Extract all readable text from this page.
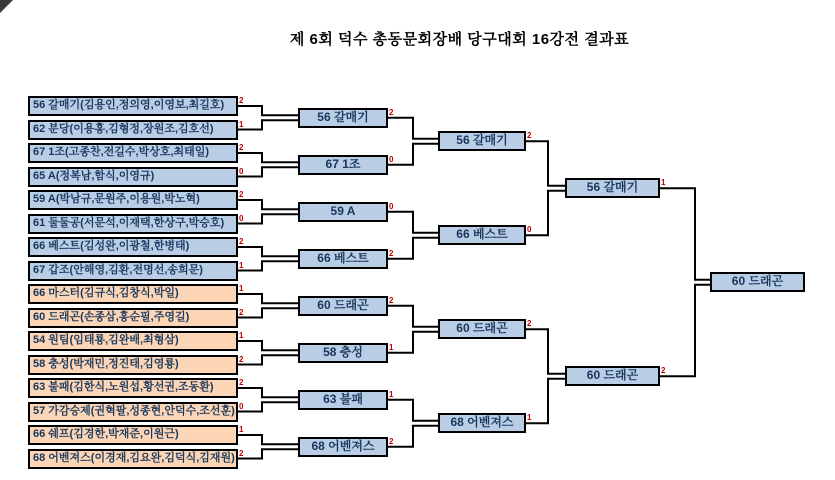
제 6회 덕수 총동문회장배 당구대회 16강전 결과표
56 갈매기(김용인,정의영,이영보,최길호)	2
62 분당(이용홍,김형정,장원조,김호선)	1
67 1조(고종찬,전길수,박상호,최태일)	2
65 A(정복남,함식,이영규)	0
59 A(박남규,문원주,이용원,박노혁)	2
61 둘둘공(서문석,이재택,한상구,박승호)	0
66 베스트(김성완,이광철,한병태)	2
67 갑조(안해영,김환,전명선,송희문)	1
66 마스터(김규식,김창식,박일)	1
60 드래곤(손종삼,홍순필,주영길)	2
54 원팀(임태룡,김완배,최형삼)	1
58 충성(박재민,정진태,김영룡)	2
63 불패(김한식,노원섭,황선권,조동환)	2
57 가감승제(권혁팔,성종현,안덕수,조선훈) 0
66 쉐프(김경한,박재준,이원근)	1
68 어벤져스(이경재,김요완,김덕식,김재원) 2
56 갈매기	2
67 1조	0
59 A	0
66 베스트	2
60 드래곤	2
58 충성	1
63 불패	1
68 어벤져스	2
56 갈매기	2
66 베스트	0
60 드래곤	2
68 어벤져스	1
56 갈매기	1
60 드래곤	2
60 드래곤
